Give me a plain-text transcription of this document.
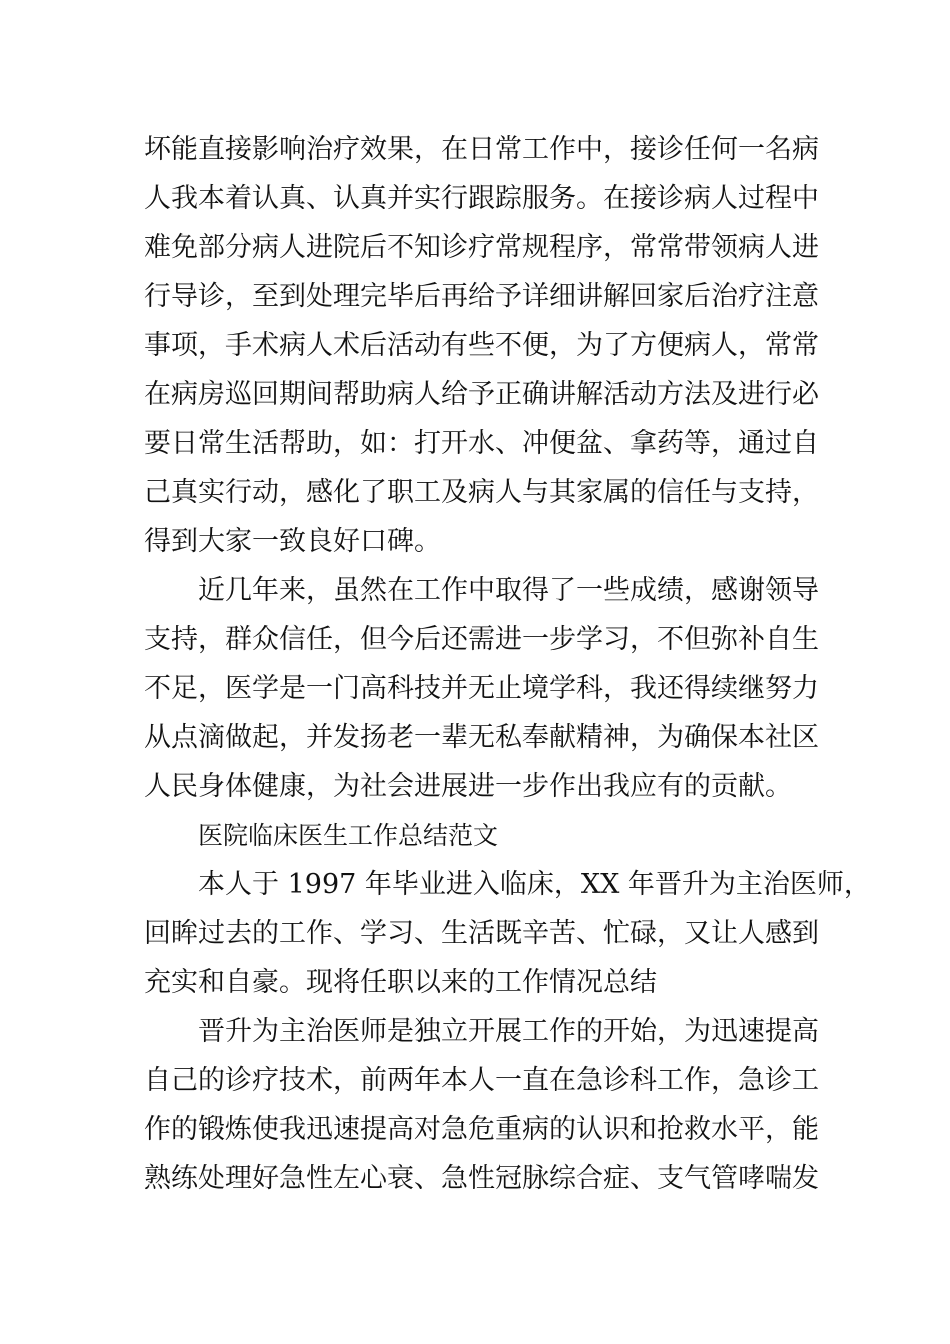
坏能直接影响治疗效果，在日常工作中，接诊任何一名病
人我本着认真、认真并实行跟踪服务。在接诊病人过程中
难免部分病人进院后不知诊疗常规程序，常常带领病人进
行导诊，至到处理完毕后再给予详细讲解回家后治疗注意
事项，手术病人术后活动有些不便，为了方便病人，常常
在病房巡回期间帮助病人给予正确讲解活动方法及进行必
要日常生活帮助，如：打开水、冲便盆、拿药等，通过自
己真实行动，感化了职工及病人与其家属的信任与支持，
得到大家一致良好口碑。
近几年来，虽然在工作中取得了一些成绩，感谢领导
支持，群众信任，但今后还需进一步学习，不但弥补自生
不足，医学是一门高科技并无止境学科，我还得续继努力
从点滴做起，并发扬老一辈无私奉献精神，为确保本社区
人民身体健康，为社会进展进一步作出我应有的贡献。
医院临床医生工作总结范文
本人于 1997 年毕业进入临床，XX 年晋升为主治医师，
回眸过去的工作、学习、生活既辛苦、忙碌，又让人感到
充实和自豪。现将任职以来的工作情况总结
晋升为主治医师是独立开展工作的开始，为迅速提高
自己的诊疗技术，前两年本人一直在急诊科工作，急诊工
作的锻炼使我迅速提高对急危重病的认识和抢救水平，能
熟练处理好急性左心衰、急性冠脉综合症、支气管哮喘发
